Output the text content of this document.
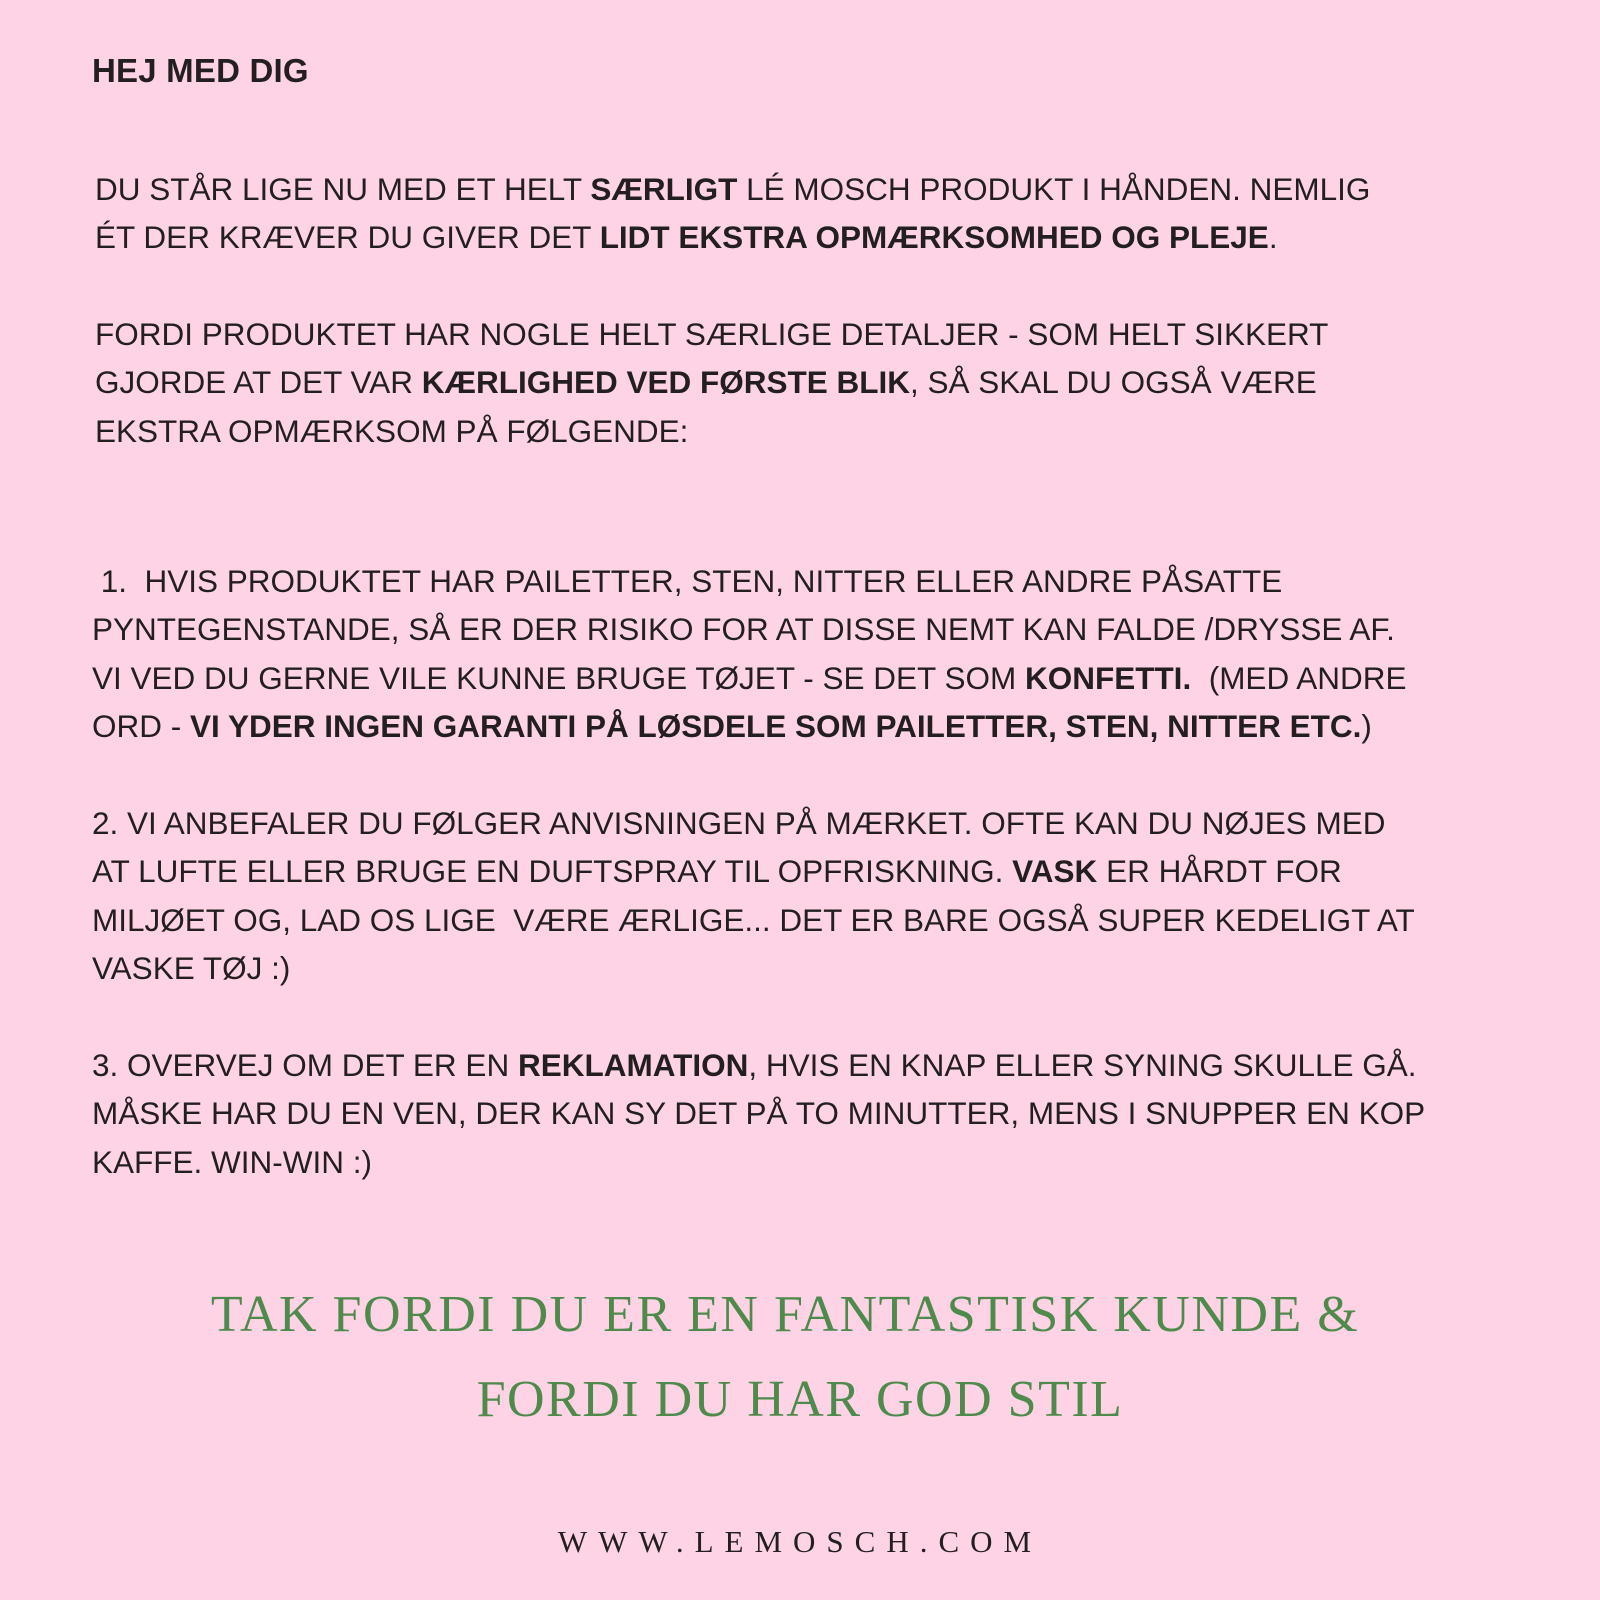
HEJ MED DIG

DU STÅR LIGE NU MED ET HELT SÆRLIGT LÉ MOSCH PRODUKT I HÅNDEN. NEMLIG
ÉT DER KRÆVER DU GIVER DET LIDT EKSTRA OPMÆRKSOMHED OG PLEJE.

FORDI PRODUKTET HAR NOGLE HELT SÆRLIGE DETALJER - SOM HELT SIKKERT
GJORDE AT DET VAR KÆRLIGHED VED FØRSTE BLIK, SÅ SKAL DU OGSÅ VÆRE
EKSTRA OPMÆRKSOM PÅ FØLGENDE:

1.  HVIS PRODUKTET HAR PAILETTER, STEN, NITTER ELLER ANDRE PÅSATTE
PYNTEGENSTANDE, SÅ ER DER RISIKO FOR AT DISSE NEMT KAN FALDE /DRYSSE AF.
VI VED DU GERNE VILE KUNNE BRUGE TØJET - SE DET SOM KONFETTI.  (MED ANDRE
ORD - VI YDER INGEN GARANTI PÅ LØSDELE SOM PAILETTER, STEN, NITTER ETC.)

2. VI ANBEFALER DU FØLGER ANVISNINGEN PÅ MÆRKET. OFTE KAN DU NØJES MED
AT LUFTE ELLER BRUGE EN DUFTSPRAY TIL OPFRISKNING. VASK ER HÅRDT FOR
MILJØET OG, LAD OS LIGE  VÆRE ÆRLIGE... DET ER BARE OGSÅ SUPER KEDELIGT AT
VASKE TØJ :)

3. OVERVEJ OM DET ER EN REKLAMATION, HVIS EN KNAP ELLER SYNING SKULLE GÅ.
MÅSKE HAR DU EN VEN, DER KAN SY DET PÅ TO MINUTTER, MENS I SNUPPER EN KOP
KAFFE. WIN-WIN :)

TAK FORDI DU ER EN FANTASTISK KUNDE &
FORDI DU HAR GOD STIL

WWW.LEMOSCH.COM
